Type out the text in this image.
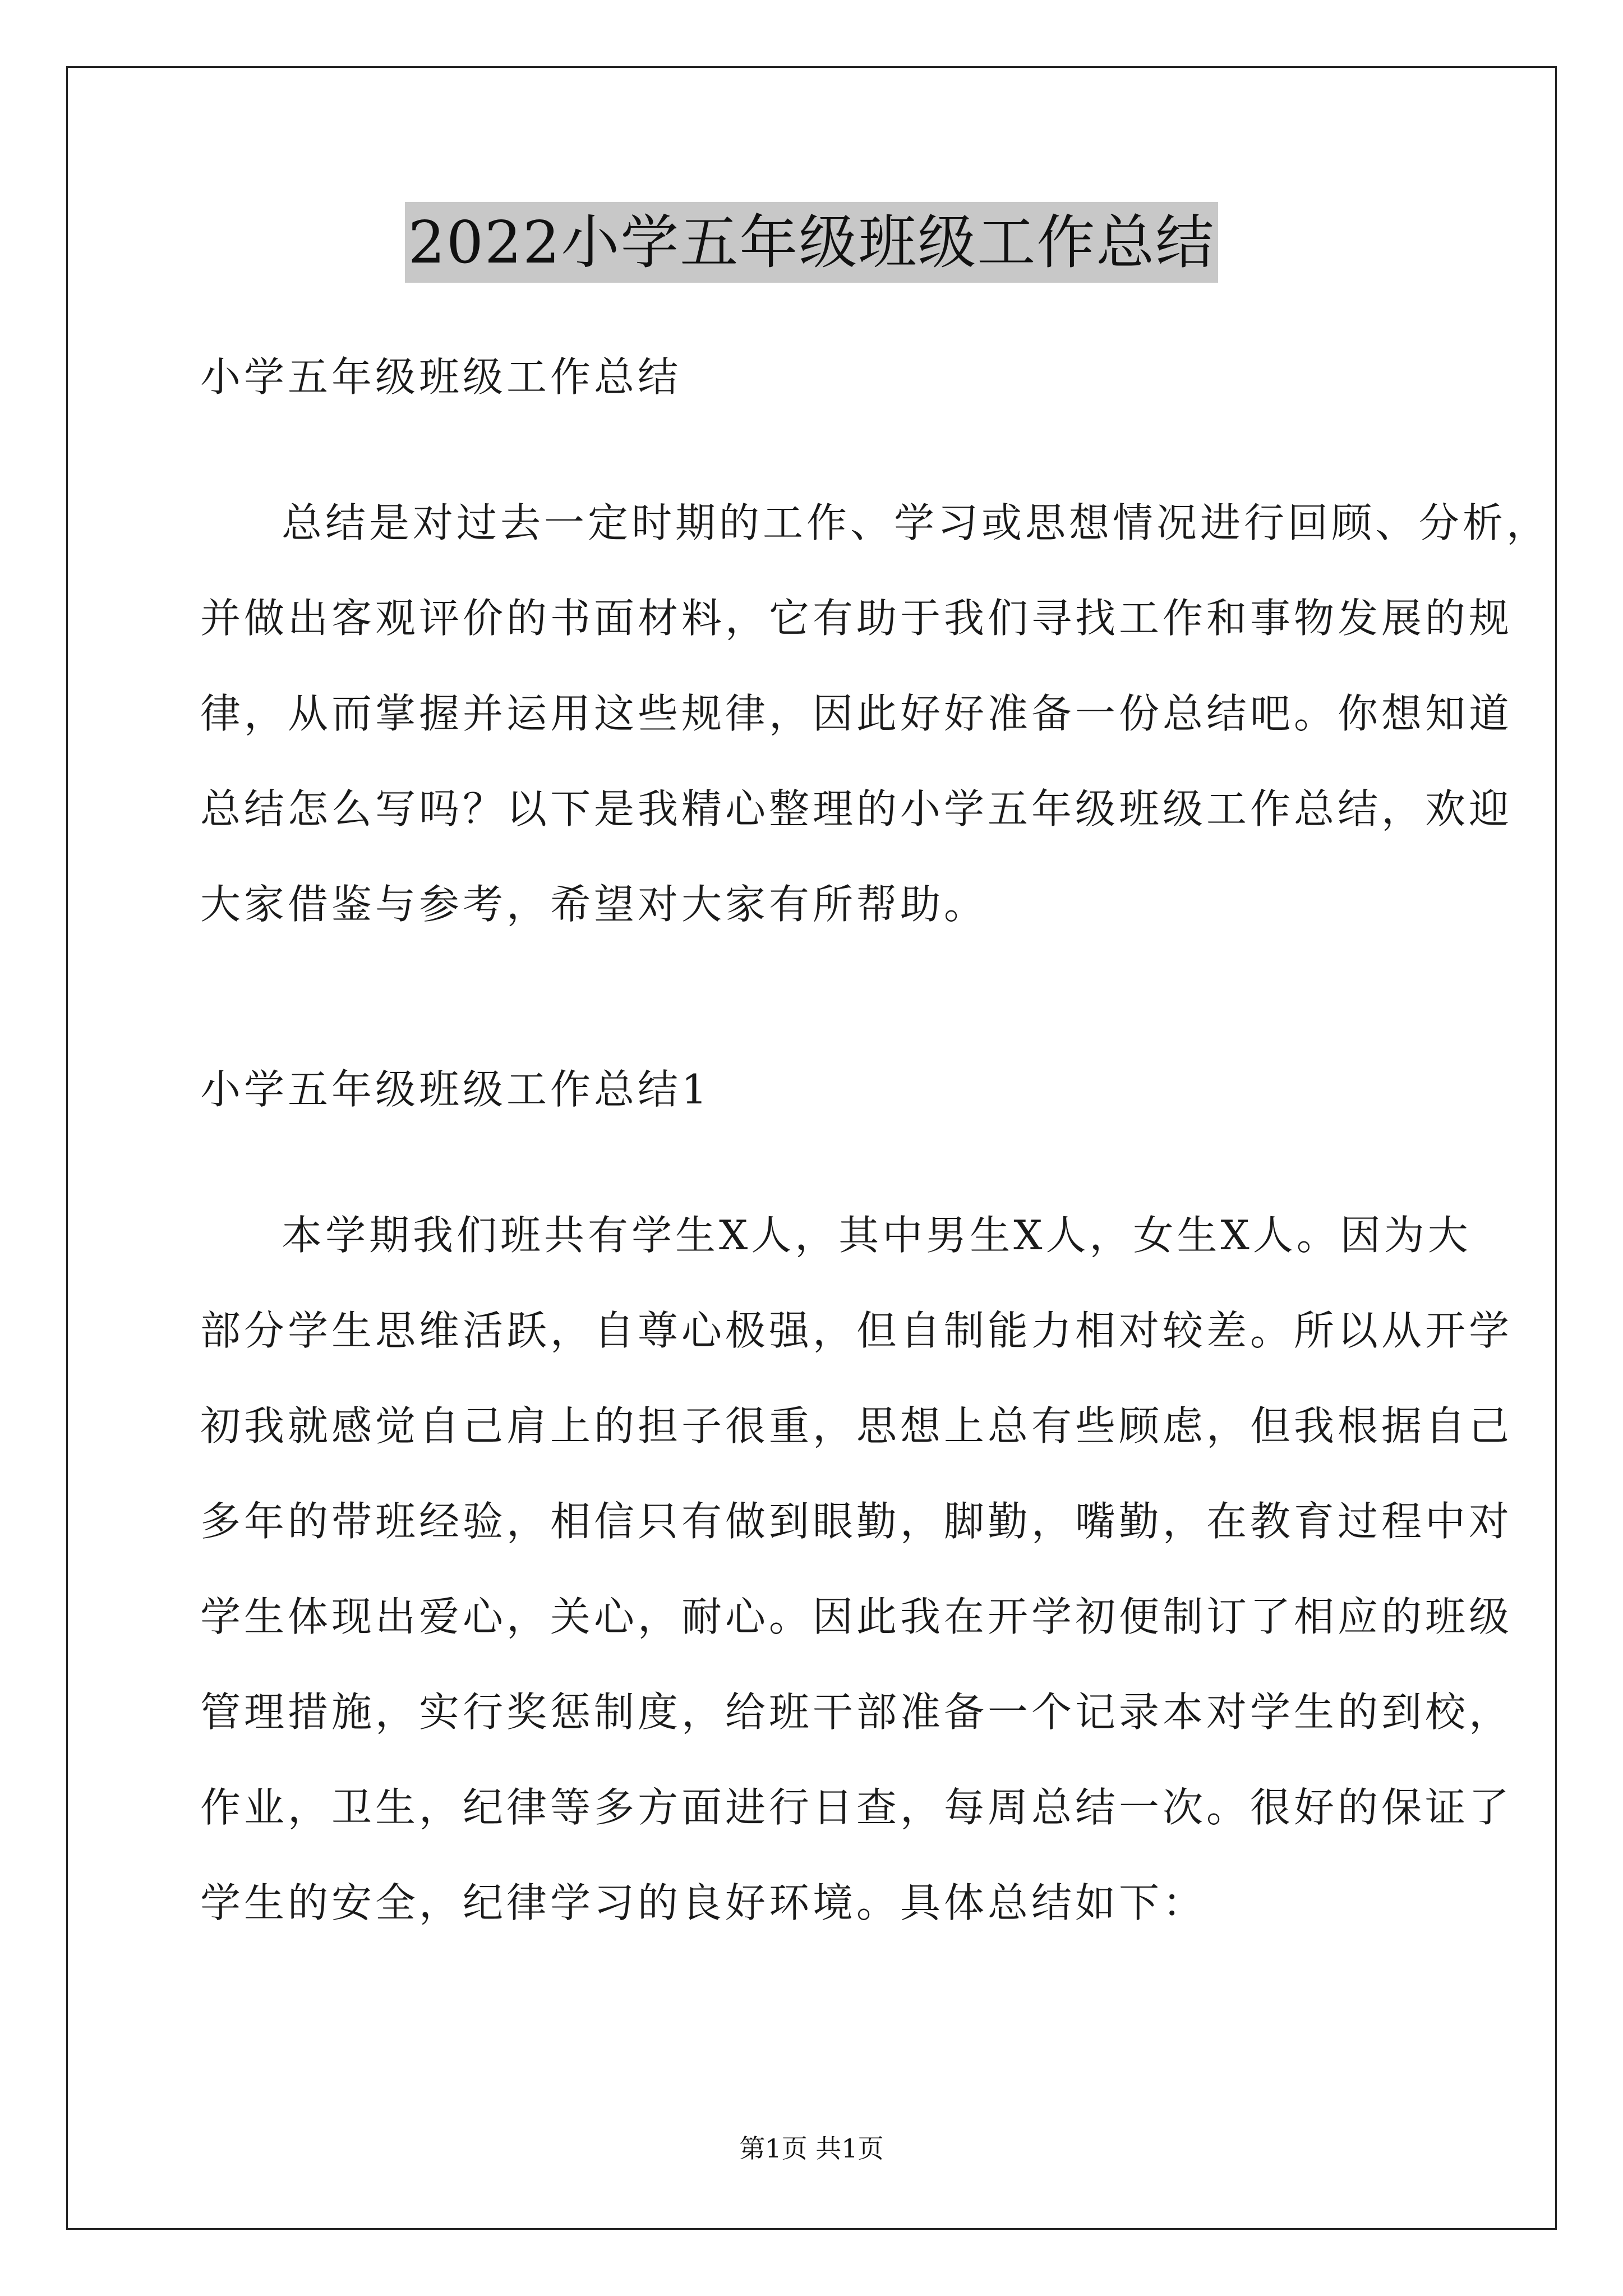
2022小学五年级班级工作总结
小学五年级班级工作总结
总结是对过去一定时期的工作、学习或思想情况进行回顾、分析，
并做出客观评价的书面材料，它有助于我们寻找工作和事物发展的规
律，从而掌握并运用这些规律，因此好好准备一份总结吧。你想知道
总结怎么写吗？以下是我精心整理的小学五年级班级工作总结，欢迎
大家借鉴与参考，希望对大家有所帮助。
小学五年级班级工作总结1
本学期我们班共有学生X人，其中男生X人，女生X人。因为大
部分学生思维活跃，自尊心极强，但自制能力相对较差。所以从开学
初我就感觉自己肩上的担子很重，思想上总有些顾虑，但我根据自己
多年的带班经验，相信只有做到眼勤，脚勤，嘴勤，在教育过程中对
学生体现出爱心，关心，耐心。因此我在开学初便制订了相应的班级
管理措施，实行奖惩制度，给班干部准备一个记录本对学生的到校，
作业，卫生，纪律等多方面进行日查，每周总结一次。很好的保证了
学生的安全，纪律学习的良好环境。具体总结如下：
第1页 共1页
